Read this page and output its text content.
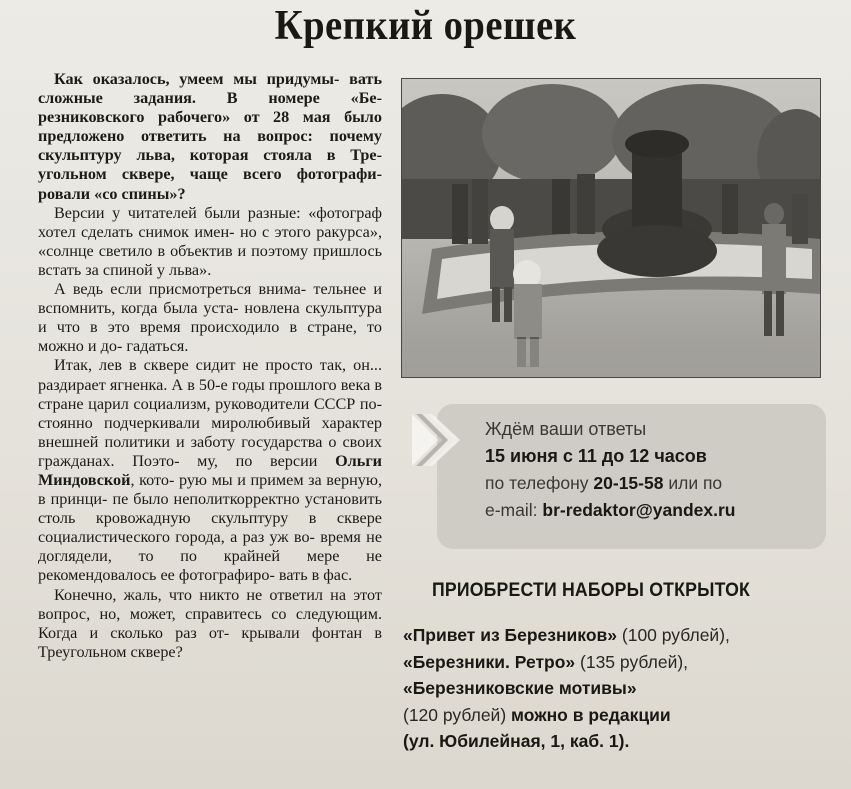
Крепкий орешек

Как оказалось, умеем мы придумы- вать сложные задания. В номере «Бе- резниковского рабочего» от 28 мая было предложено ответить на вопрос: почему скульптуру льва, которая стояла в Тре- угольном сквере, чаще всего фотографи- ровали «со спины»?

Версии у читателей были разные: «фотограф хотел сделать снимок имен- но с этого ракурса», «солнце светило в объектив и поэтому пришлось встать за спиной у льва».

А ведь если присмотреться внима- тельнее и вспомнить, когда была уста- новлена скульптура и что в это время происходило в стране, то можно и до- гадаться.

Итак, лев в сквере сидит не просто так, он... раздирает ягненка. А в 50-е годы прошлого века в стране царил социализм, руководители СССР по- стоянно подчеркивали миролюбивый характер внешней политики и заботу государства о своих гражданах. Поэто- му, по версии Ольги Миндовской, кото- рую мы и примем за верную, в принци- пе было неполиткорректно установить столь кровожадную скульптуру в сквере социалистического города, а раз уж во- время не доглядели, то по крайней мере не рекомендовалось ее фотографиро- вать в фас.

Конечно, жаль, что никто не ответил на этот вопрос, но, может, справитесь со следующим. Когда и сколько раз от- крывали фонтан в Треугольном сквере?

Ждём ваши ответы
15 июня с 11 до 12 часов
по телефону 20-15-58 или по
e-mail: br-redaktor@yandex.ru
ПРИОБРЕСТИ НАБОРЫ ОТКРЫТОК
«Привет из Березников» (100 рублей),
«Березники. Ретро» (135 рублей),
«Березниковские мотивы»
(120 рублей) можно в редакции
(ул. Юбилейная, 1, каб. 1).
